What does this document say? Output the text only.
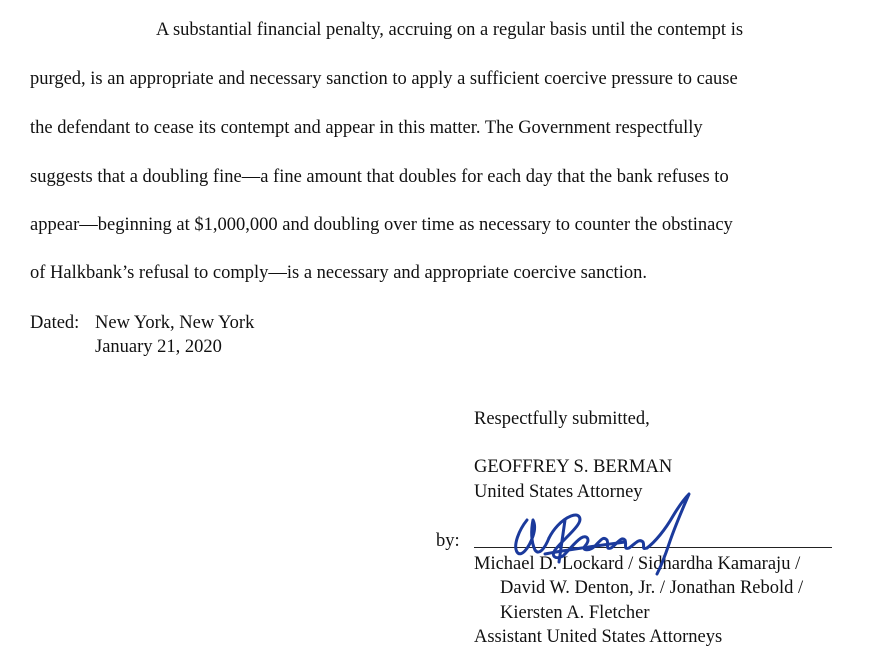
A substantial financial penalty, accruing on a regular basis until the contempt is
purged, is an appropriate and necessary sanction to apply a sufficient coercive pressure to cause
the defendant to cease its contempt and appear in this matter. The Government respectfully
suggests that a doubling fine—a fine amount that doubles for each day that the bank refuses to
appear—beginning at $1,000,000 and doubling over time as necessary to counter the obstinacy
of Halkbank’s refusal to comply—is a necessary and appropriate coercive sanction.
Dated: New York, New York
January 21, 2020
Respectfully submitted,
GEOFFREY S. BERMAN
United States Attorney
by:
Michael D. Lockard / Sidhardha Kamaraju /
David W. Denton, Jr. / Jonathan Rebold /
Kiersten A. Fletcher
Assistant United States Attorneys
